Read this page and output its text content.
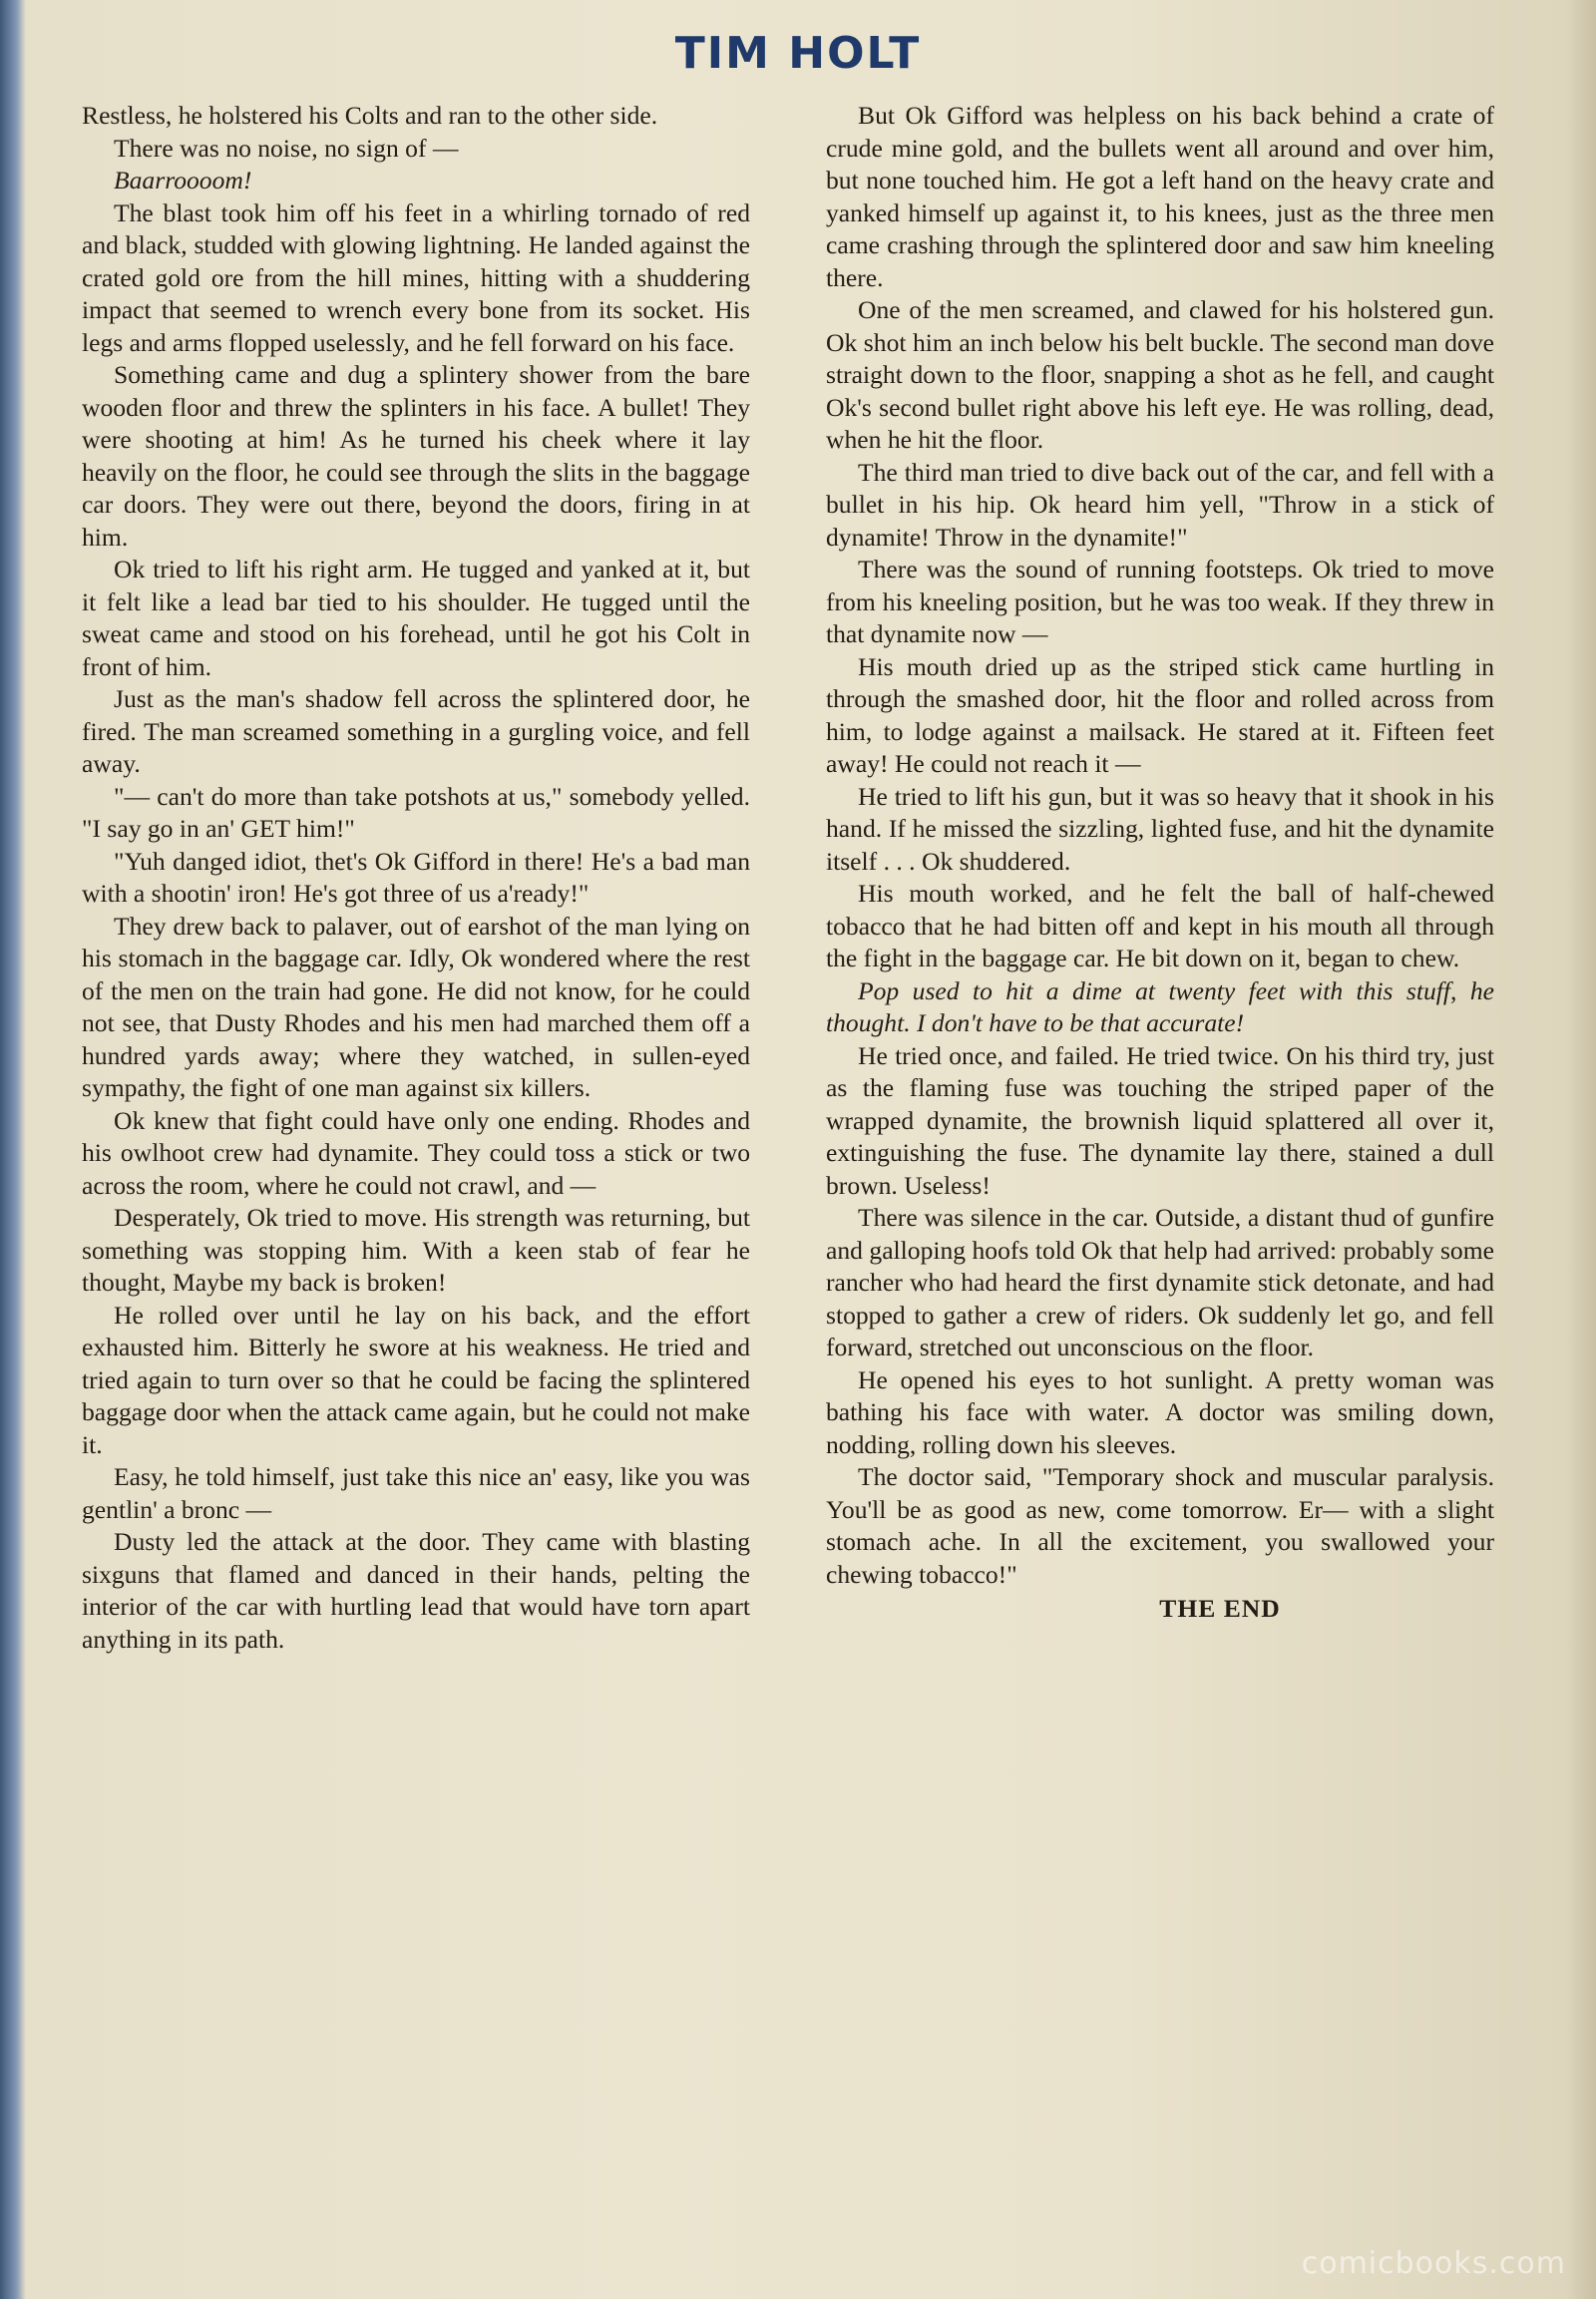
TIM HOLT

Restless, he holstered his Colts and ran to the other side.

There was no noise, no sign of —

Baarroooom!

The blast took him off his feet in a whirling tornado of red and black, studded with glowing lightning. He landed against the crated gold ore from the hill mines, hitting with a shuddering impact that seemed to wrench every bone from its socket. His legs and arms flopped uselessly, and he fell forward on his face.

Something came and dug a splintery shower from the bare wooden floor and threw the splinters in his face. A bullet! They were shooting at him! As he turned his cheek where it lay heavily on the floor, he could see through the slits in the baggage car doors. They were out there, beyond the doors, firing in at him.

Ok tried to lift his right arm. He tugged and yanked at it, but it felt like a lead bar tied to his shoulder. He tugged until the sweat came and stood on his forehead, until he got his Colt in front of him.

Just as the man's shadow fell across the splintered door, he fired. The man screamed something in a gurgling voice, and fell away.

"— can't do more than take potshots at us," somebody yelled. "I say go in an' GET him!"

"Yuh danged idiot, thet's Ok Gifford in there! He's a bad man with a shootin' iron! He's got three of us a'ready!"

They drew back to palaver, out of earshot of the man lying on his stomach in the baggage car. Idly, Ok wondered where the rest of the men on the train had gone. He did not know, for he could not see, that Dusty Rhodes and his men had marched them off a hundred yards away; where they watched, in sullen-eyed sympathy, the fight of one man against six killers.

Ok knew that fight could have only one ending. Rhodes and his owlhoot crew had dynamite. They could toss a stick or two across the room, where he could not crawl, and —

Desperately, Ok tried to move. His strength was returning, but something was stopping him. With a keen stab of fear he thought, Maybe my back is broken!

He rolled over until he lay on his back, and the effort exhausted him. Bitterly he swore at his weakness. He tried and tried again to turn over so that he could be facing the splintered baggage door when the attack came again, but he could not make it.

Easy, he told himself, just take this nice an' easy, like you was gentlin' a bronc —

Dusty led the attack at the door. They came with blasting sixguns that flamed and danced in their hands, pelting the interior of the car with hurtling lead that would have torn apart anything in its path.

But Ok Gifford was helpless on his back behind a crate of crude mine gold, and the bullets went all around and over him, but none touched him. He got a left hand on the heavy crate and yanked himself up against it, to his knees, just as the three men came crashing through the splintered door and saw him kneeling there.

One of the men screamed, and clawed for his holstered gun. Ok shot him an inch below his belt buckle. The second man dove straight down to the floor, snapping a shot as he fell, and caught Ok's second bullet right above his left eye. He was rolling, dead, when he hit the floor.

The third man tried to dive back out of the car, and fell with a bullet in his hip. Ok heard him yell, "Throw in a stick of dynamite! Throw in the dynamite!"

There was the sound of running footsteps. Ok tried to move from his kneeling position, but he was too weak. If they threw in that dynamite now —

His mouth dried up as the striped stick came hurtling in through the smashed door, hit the floor and rolled across from him, to lodge against a mailsack. He stared at it. Fifteen feet away! He could not reach it —

He tried to lift his gun, but it was so heavy that it shook in his hand. If he missed the sizzling, lighted fuse, and hit the dynamite itself . . . Ok shuddered.

His mouth worked, and he felt the ball of half-chewed tobacco that he had bitten off and kept in his mouth all through the fight in the baggage car. He bit down on it, began to chew.

Pop used to hit a dime at twenty feet with this stuff, he thought. I don't have to be that accurate!

He tried once, and failed. He tried twice. On his third try, just as the flaming fuse was touching the striped paper of the wrapped dynamite, the brownish liquid splattered all over it, extinguishing the fuse. The dynamite lay there, stained a dull brown. Useless!

There was silence in the car. Outside, a distant thud of gunfire and galloping hoofs told Ok that help had arrived: probably some rancher who had heard the first dynamite stick detonate, and had stopped to gather a crew of riders. Ok suddenly let go, and fell forward, stretched out unconscious on the floor.

He opened his eyes to hot sunlight. A pretty woman was bathing his face with water. A doctor was smiling down, nodding, rolling down his sleeves.

The doctor said, "Temporary shock and muscular paralysis. You'll be as good as new, come tomorrow. Er— with a slight stomach ache. In all the excitement, you swallowed your chewing tobacco!"

THE END

comicbooks.com
